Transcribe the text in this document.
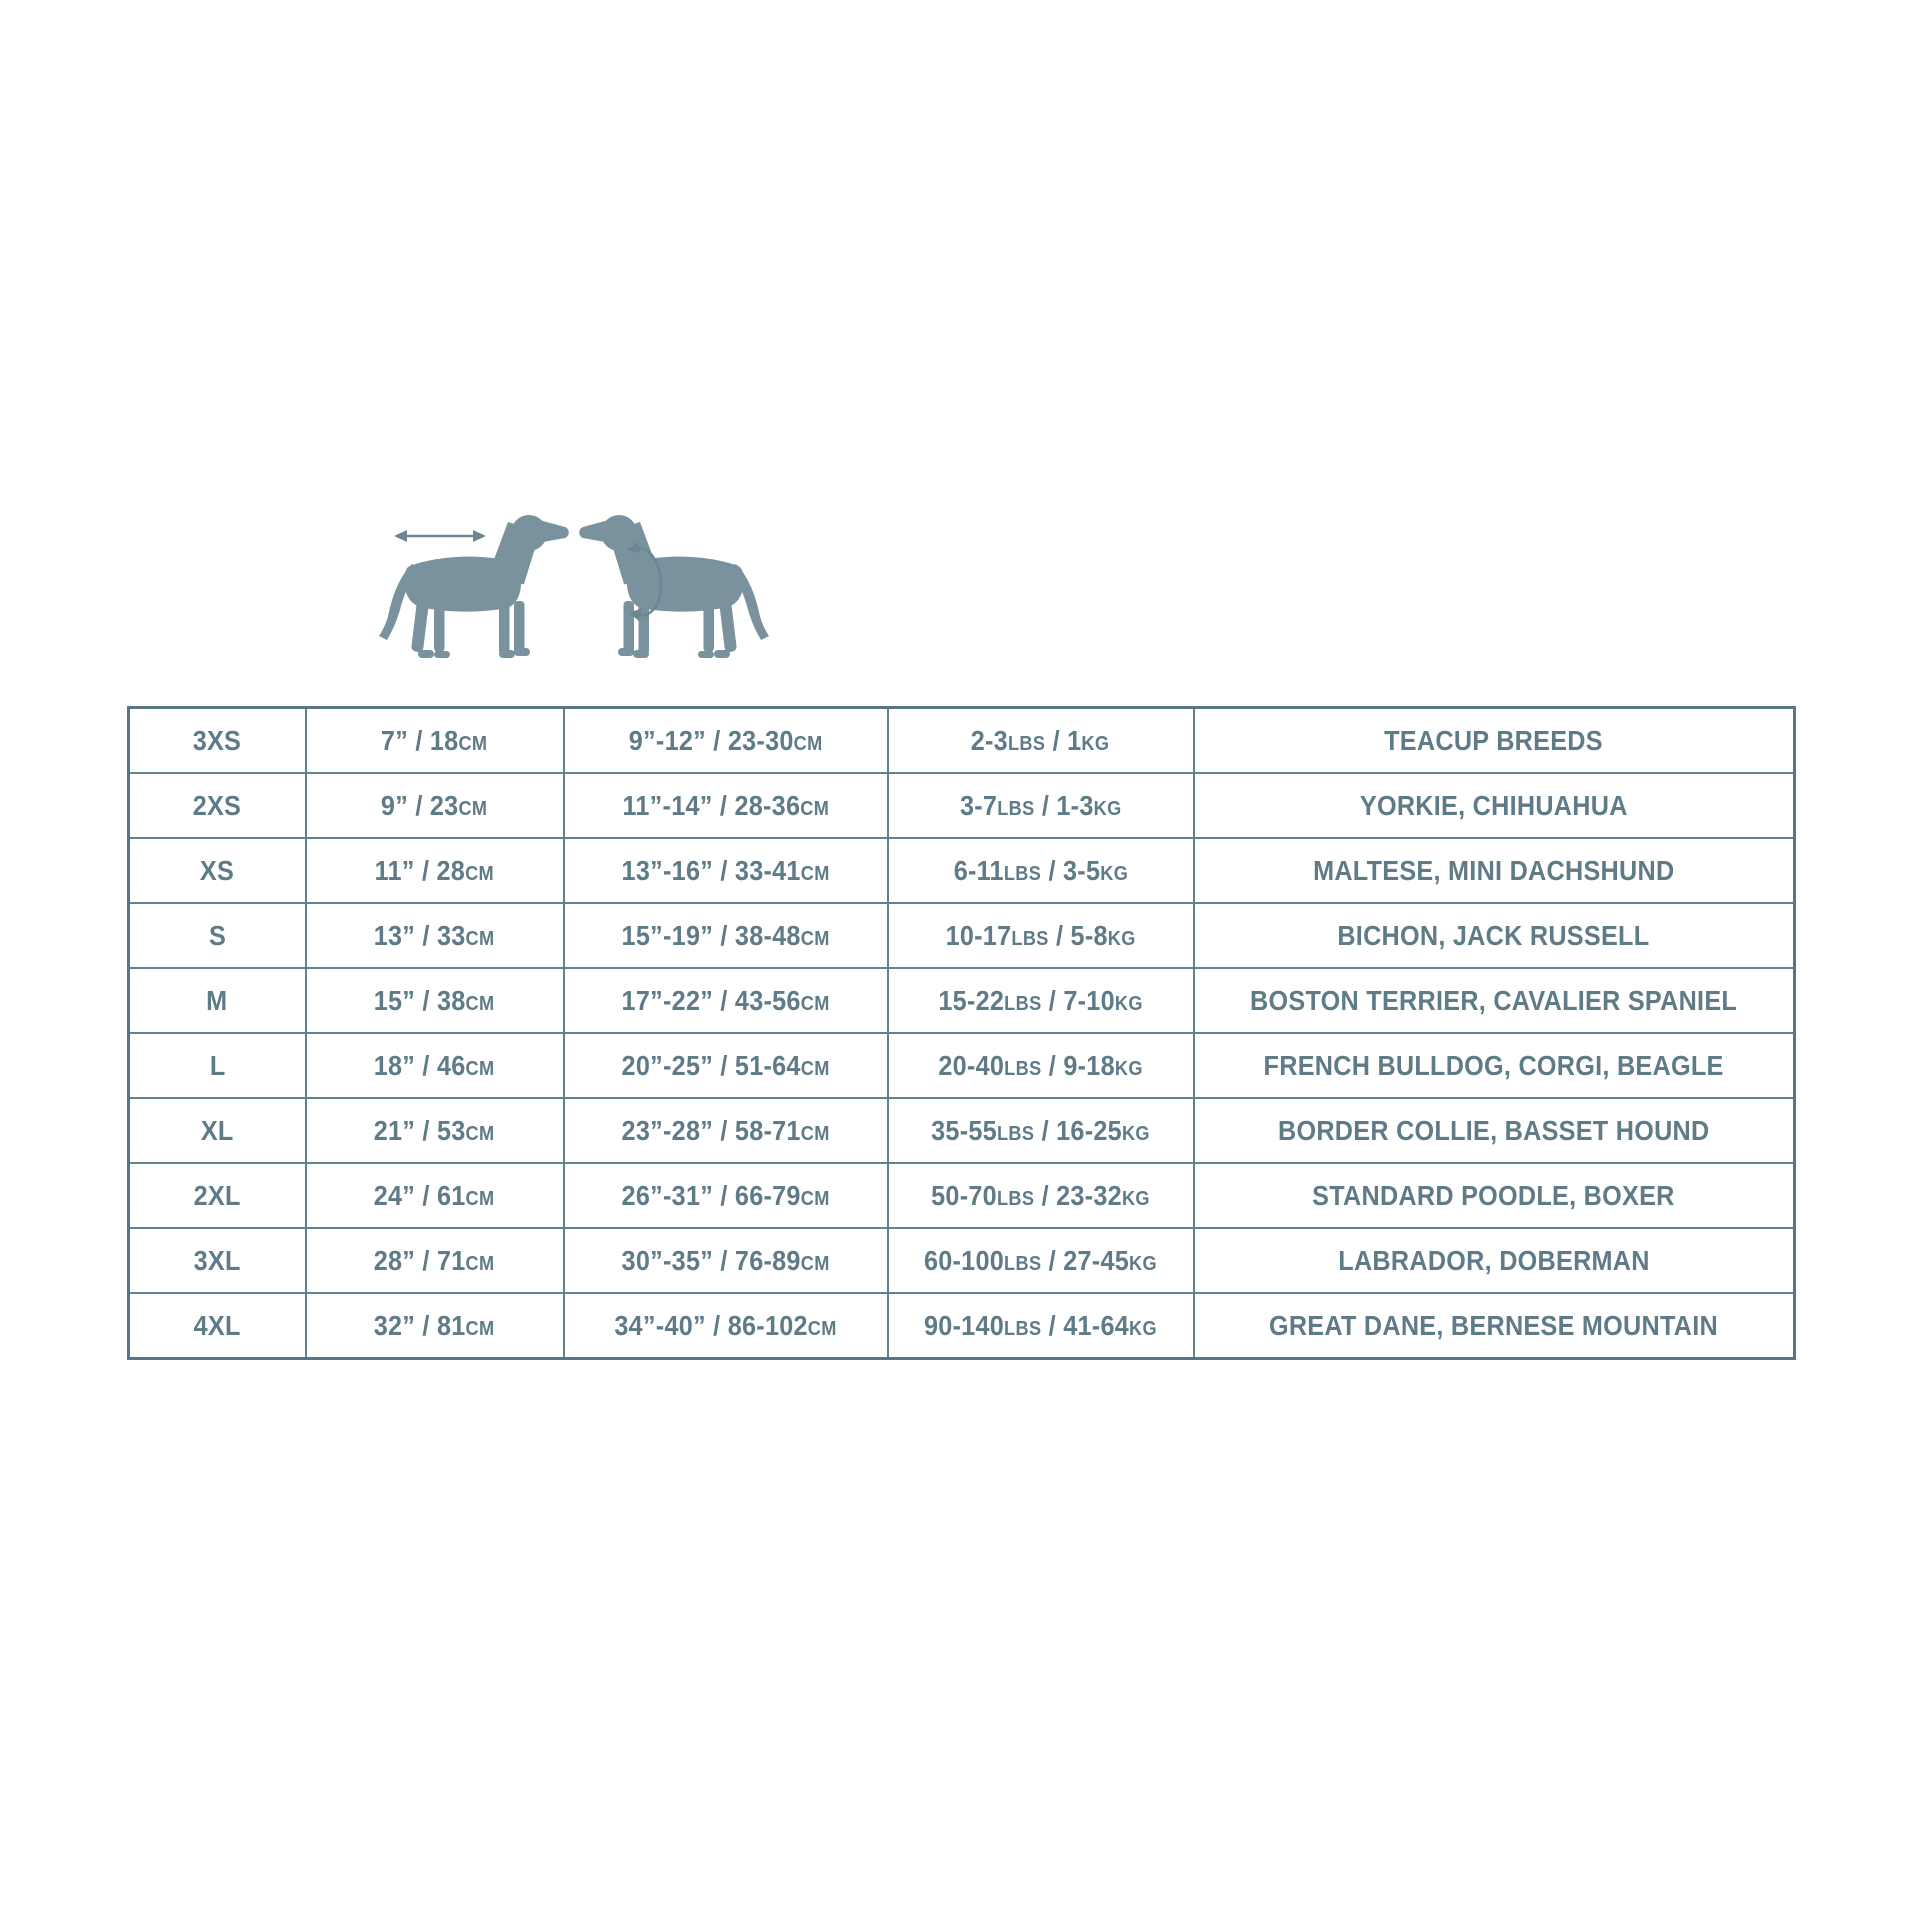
3XS	7” / 18CM	9”-12” / 23-30CM	2-3LBS / 1KG	TEACUP BREEDS
2XS	9” / 23CM	11”-14” / 28-36CM	3-7LBS / 1-3KG	YORKIE, CHIHUAHUA
XS	11” / 28CM	13”-16” / 33-41CM	6-11LBS / 3-5KG	MALTESE, MINI DACHSHUND
S	13” / 33CM	15”-19” / 38-48CM	10-17LBS / 5-8KG	BICHON, JACK RUSSELL
M	15” / 38CM	17”-22” / 43-56CM	15-22LBS / 7-10KG	BOSTON TERRIER, CAVALIER SPANIEL
L	18” / 46CM	20”-25” / 51-64CM	20-40LBS / 9-18KG	FRENCH BULLDOG, CORGI, BEAGLE
XL	21” / 53CM	23”-28” / 58-71CM	35-55LBS / 16-25KG	BORDER COLLIE, BASSET HOUND
2XL	24” / 61CM	26”-31” / 66-79CM	50-70LBS / 23-32KG	STANDARD POODLE, BOXER
3XL	28” / 71CM	30”-35” / 76-89CM	60-100LBS / 27-45KG	LABRADOR, DOBERMAN
4XL	32” / 81CM	34”-40” / 86-102CM	90-140LBS / 41-64KG	GREAT DANE, BERNESE MOUNTAIN
